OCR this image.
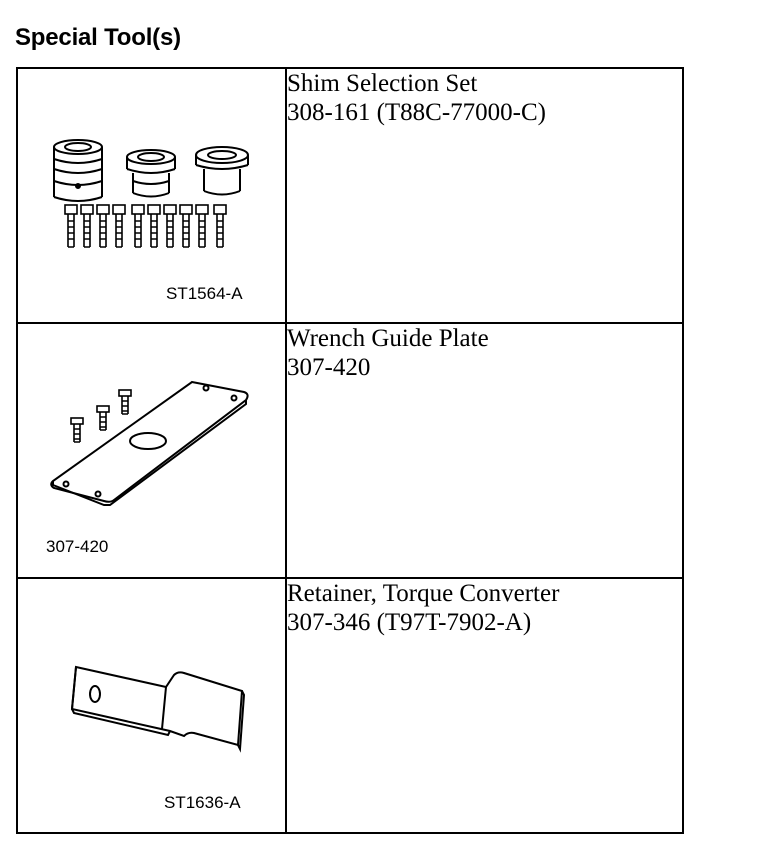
Special Tool(s)
ST1564-A	Shim Selection Set
308-161 (T88C-77000-C)

307-420	Wrench Guide Plate
307-420

ST1636-A	Retainer, Torque Converter
307-346 (T97T-7902-A)
